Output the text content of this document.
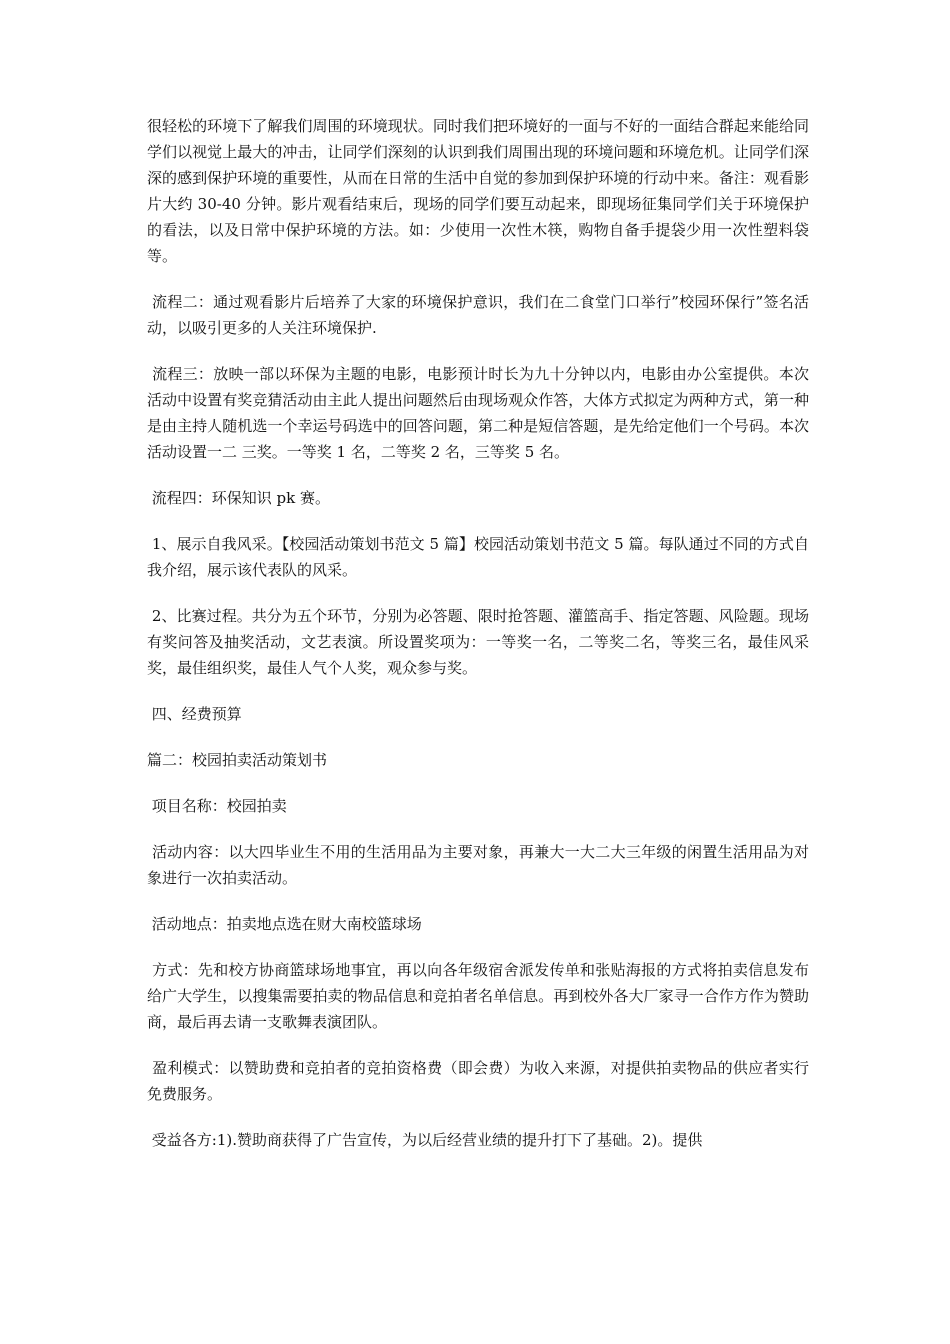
很轻松的环境下了解我们周围的环境现状。同时我们把环境好的一面与不好的一面结合群起来能给同学们以视觉上最大的冲击，让同学们深刻的认识到我们周围出现的环境问题和环境危机。让同学们深深的感到保护环境的重要性，从而在日常的生活中自觉的参加到保护环境的行动中来。备注：观看影片大约 30-40 分钟。影片观看结束后，现场的同学们要互动起来，即现场征集同学们关于环境保护的看法，以及日常中保护环境的方法。如：少使用一次性木筷，购物自备手提袋少用一次性塑料袋等。

流程二：通过观看影片后培养了大家的环境保护意识，我们在二食堂门口举行”校园环保行”签名活动，以吸引更多的人关注环境保护.

流程三：放映一部以环保为主题的电影，电影预计时长为九十分钟以内，电影由办公室提供。本次活动中设置有奖竞猜活动由主此人提出问题然后由现场观众作答，大体方式拟定为两种方式，第一种是由主持人随机选一个幸运号码选中的回答问题，第二种是短信答题，是先给定他们一个号码。本次活动设置一二 三奖。一等奖 1 名，二等奖 2 名，三等奖 5 名。

流程四：环保知识 pk 赛。

1、展示自我风采。【校园活动策划书范文 5 篇】校园活动策划书范文 5 篇。每队通过不同的方式自我介绍，展示该代表队的风采。

2、比赛过程。共分为五个环节，分别为必答题、限时抢答题、灌篮高手、指定答题、风险题。现场有奖问答及抽奖活动，文艺表演。所设置奖项为：一等奖一名，二等奖二名，等奖三名，最佳风采奖，最佳组织奖，最佳人气个人奖，观众参与奖。

四、经费预算

篇二：校园拍卖活动策划书

项目名称：校园拍卖

活动内容：以大四毕业生不用的生活用品为主要对象，再兼大一大二大三年级的闲置生活用品为对象进行一次拍卖活动。

活动地点：拍卖地点选在财大南校篮球场

方式：先和校方协商篮球场地事宜，再以向各年级宿舍派发传单和张贴海报的方式将拍卖信息发布给广大学生，以搜集需要拍卖的物品信息和竞拍者名单信息。再到校外各大厂家寻一合作方作为赞助商，最后再去请一支歌舞表演团队。

盈利模式：以赞助费和竞拍者的竞拍资格费（即会费）为收入来源，对提供拍卖物品的供应者实行免费服务。

受益各方:1).赞助商获得了广告宣传，为以后经营业绩的提升打下了基础。2)。提供
